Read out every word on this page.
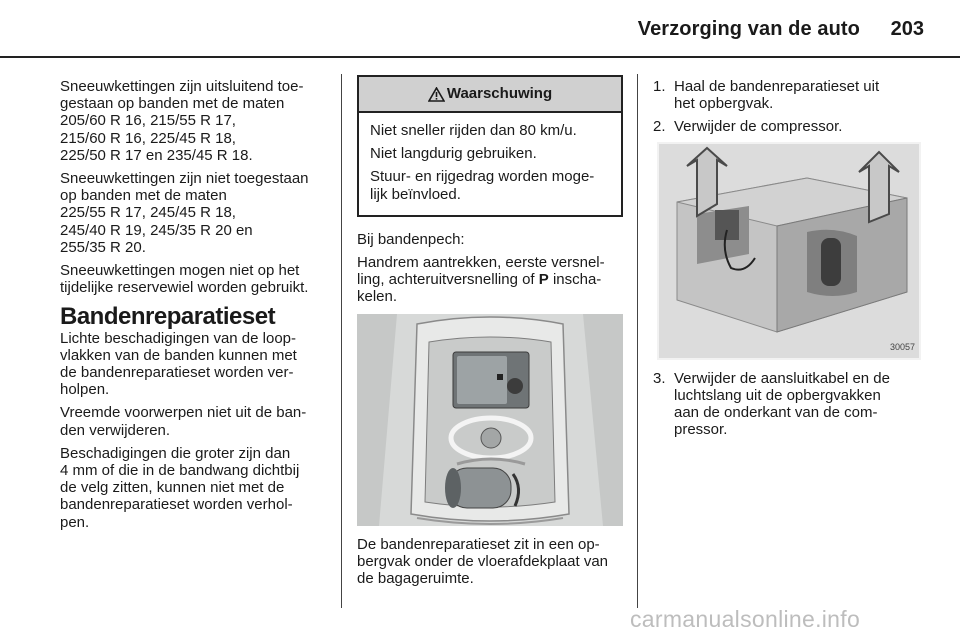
Verzorging van de auto	203

Sneeuwkettingen zijn uitsluitend toe-
gestaan op banden met de maten
205/60 R 16, 215/55 R 17,
215/60 R 16, 225/45 R 18,
225/50 R 17 en 235/45 R 18.

Sneeuwkettingen zijn niet toegestaan
op banden met de maten
225/55 R 17, 245/45 R 18,
245/40 R 19, 245/35 R 20 en
255/35 R 20.

Sneeuwkettingen mogen niet op het
tijdelijke reservewiel worden gebruikt.

Bandenreparatieset

Lichte beschadigingen van de loop-
vlakken van de banden kunnen met
de bandenreparatieset worden ver-
holpen.

Vreemde voorwerpen niet uit de ban-
den verwijderen.

Beschadigingen die groter zijn dan
4 mm of die in de bandwang dichtbij
de velg zitten, kunnen niet met de
bandenreparatieset worden verhol-
pen.

Waarschuwing

Niet sneller rijden dan 80 km/u.

Niet langdurig gebruiken.

Stuur- en rijgedrag worden moge-
lijk beïnvloed.

Bij bandenpech:

Handrem aantrekken, eerste versnel-
ling, achteruitversnelling of P inscha-
kelen.

De bandenreparatieset zit in een op-
bergvak onder de vloerafdekplaat van
de bagageruimte.

1. Haal de bandenreparatieset uit
het opbergvak.
2. Verwijder de compressor.
30057
3. Verwijder de aansluitkabel en de
luchtslang uit de opbergvakken
aan de onderkant van de com-
pressor.
carmanualsonline.info
